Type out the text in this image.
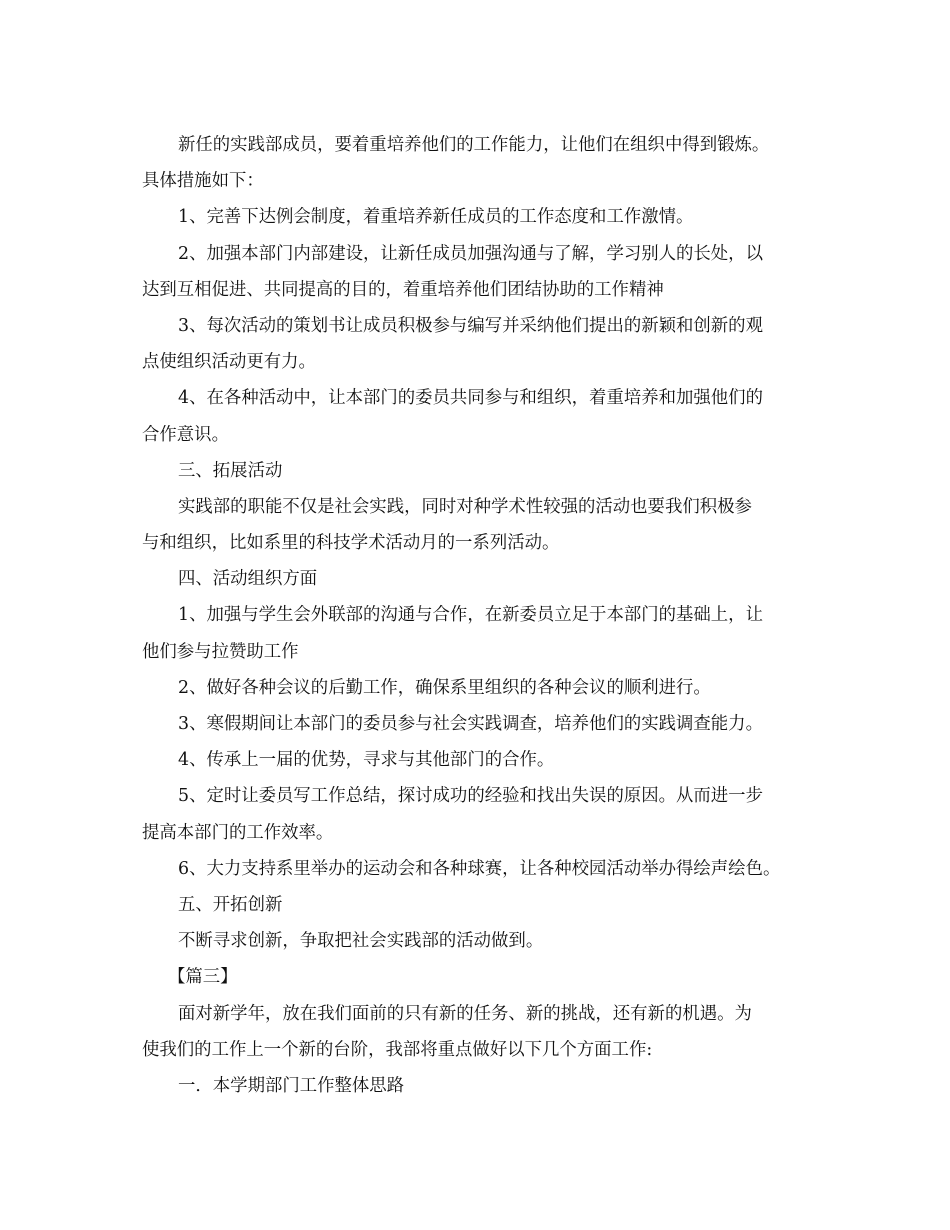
新任的实践部成员，要着重培养他们的工作能力，让他们在组织中得到锻炼。
具体措施如下：
1、完善下达例会制度，着重培养新任成员的工作态度和工作激情。
2、加强本部门内部建设，让新任成员加强沟通与了解，学习别人的长处，以
达到互相促进、共同提高的目的，着重培养他们团结协助的工作精神
3、每次活动的策划书让成员积极参与编写并采纳他们提出的新颖和创新的观
点使组织活动更有力。
4、在各种活动中，让本部门的委员共同参与和组织，着重培养和加强他们的
合作意识。
三、拓展活动
实践部的职能不仅是社会实践，同时对种学术性较强的活动也要我们积极参
与和组织，比如系里的科技学术活动月的一系列活动。
四、活动组织方面
1、加强与学生会外联部的沟通与合作，在新委员立足于本部门的基础上，让
他们参与拉赞助工作
2、做好各种会议的后勤工作，确保系里组织的各种会议的顺利进行。
3、寒假期间让本部门的委员参与社会实践调查，培养他们的实践调查能力。
4、传承上一届的优势，寻求与其他部门的合作。
5、定时让委员写工作总结，探讨成功的经验和找出失误的原因。从而进一步
提高本部门的工作效率。
6、大力支持系里举办的运动会和各种球赛，让各种校园活动举办得绘声绘色。
五、开拓创新
不断寻求创新，争取把社会实践部的活动做到。
【篇三】
面对新学年，放在我们面前的只有新的任务、新的挑战，还有新的机遇。为
使我们的工作上一个新的台阶，我部将重点做好以下几个方面工作:
一．本学期部门工作整体思路
